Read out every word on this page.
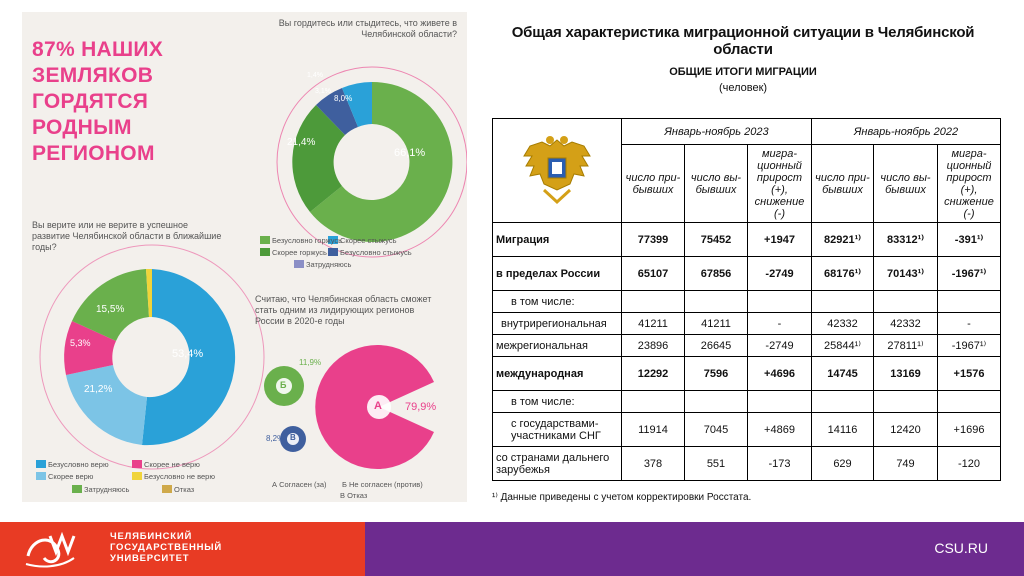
87% НАШИХ
ЗЕМЛЯКОВ
ГОРДЯТСЯ
РОДНЫМ
РЕГИОНОМ
Вы гордитесь или стыдитесь, что живете в Челябинской области?
66,1%
21,4%
8,0%
3,1%
1,4%
Безусловно горжусь
Скорее стыжусь
Скорее горжусь Безусловно стыжусь
Затрудняюсь
Вы верите или не верите в успешное развитие Челябинской области в ближайшие годы?
53,4%
21,2%
15,5%
5,3%
Безусловно верю	Скорее не верю
Скорее верю	Безусловно не верю
Затрудняюсь	Отказ
Считаю, что Челябинская область сможет стать одним из лидирующих регионов России в 2020-е годы
79,9%
А
11,9%
Б
8,2% В
А Согласен (за) Б Не согласен (против)
В Отказ
Общая характеристика миграционной ситуации в Челябинской области
ОБЩИЕ ИТОГИ МИГРАЦИИ
(человек)
	Январь-ноябрь 2023			Январь-ноябрь 2022		
	число при-бывших	число вы-бывших	мигра-ционный прирост (+), снижение (-)	число при-бывших	число вы-бывших	мигра-ционный прирост (+), снижение (-)
Миграция	77399	75452	+1947	82921¹⁾	83312¹⁾	-391¹⁾
в пределах России	65107	67856	-2749	68176¹⁾	70143¹⁾	-1967¹⁾
в том числе:						
внутрирегиональная	41211	41211	-	42332	42332	-
межрегиональная	23896	26645	-2749	25844¹⁾	27811¹⁾	-1967¹⁾
международная	12292	7596	+4696	14745	13169	+1576
в том числе:						
с государствами-участниками СНГ	11914	7045	+4869	14116	12420	+1696
со странами дальнего зарубежья	378	551	-173	629	749	-120
¹⁾ Данные приведены с учетом корректировки Росстата.
ЧЕЛЯБИНСКИЙ
ГОСУДАРСТВЕННЫЙ
УНИВЕРСИТЕТ
CSU.RU
